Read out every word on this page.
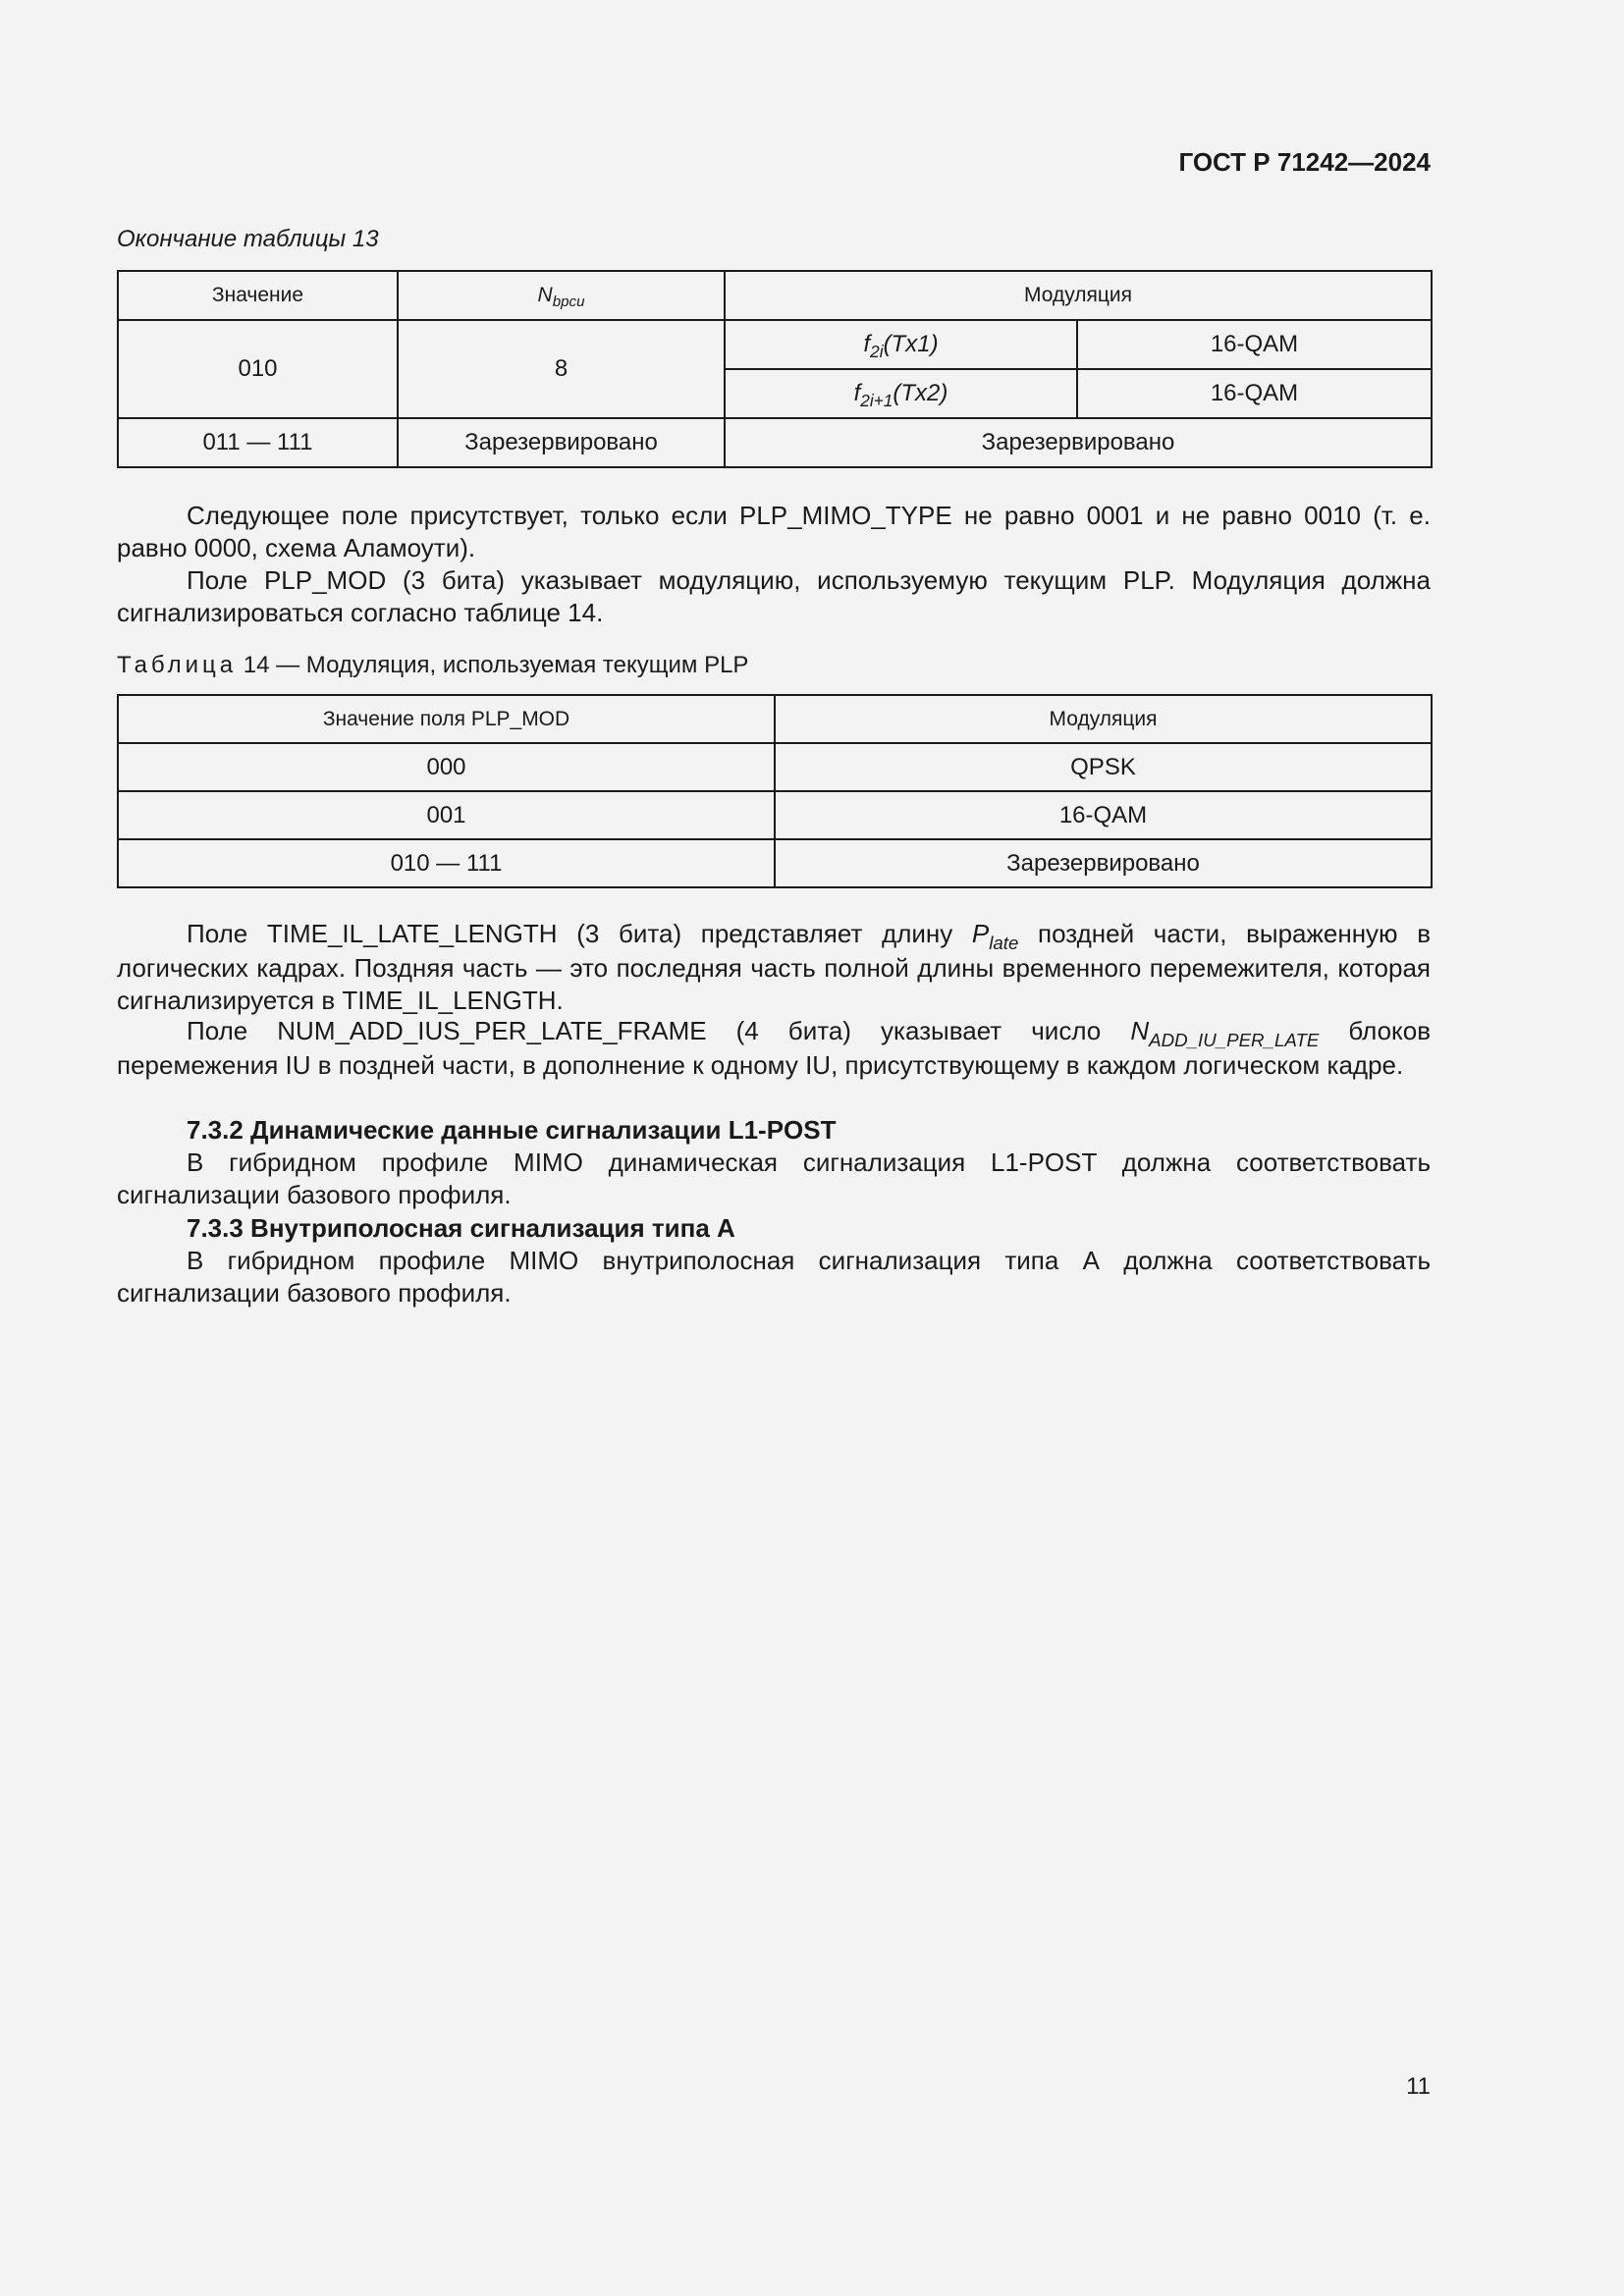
ГОСТ Р 71242—2024
Окончание таблицы 13
Значение	$N_{bpcu}$	Модуляция	
010	8	$f_{2i}(Tx1)$	16-QAM
		$f_{2i+1}(Tx2)$	16-QAM
011 — 111	Зарезервировано	Зарезервировано	

Следующее поле присутствует, только если PLP_MIMO_TYPE не равно 0001 и не равно 0010 (т. е. равно 0000, схема Аламоути).

Поле PLP_MOD (3 бита) указывает модуляцию, используемую текущим PLP. Модуляция должна сигнализироваться согласно таблице 14.

Таблица 14 — Модуляция, используемая текущим PLP
Значение поля PLP_MOD	Модуляция
000	QPSK
001	16-QAM
010 — 111	Зарезервировано

Поле TIME_IL_LATE_LENGTH (3 бита) представляет длину $P_{late}$ поздней части, выраженную в логических кадрах. Поздняя часть — это последняя часть полной длины временного перемежителя, которая сигнализируется в TIME_IL_LENGTH.

Поле NUM_ADD_IUS_PER_LATE_FRAME (4 бита) указывает число $N_{ADD\_IU\_PER\_LATE}$ блоков перемежения IU в поздней части, в дополнение к одному IU, присутствующему в каждом логическом кадре.

7.3.2 Динамические данные сигнализации L1-POST

В гибридном профиле MIMO динамическая сигнализация L1-POST должна соответствовать сигнализации базового профиля.

7.3.3 Внутриполосная сигнализация типа А

В гибридном профиле MIMO внутриполосная сигнализация типа А должна соответствовать сигнализации базового профиля.

11
